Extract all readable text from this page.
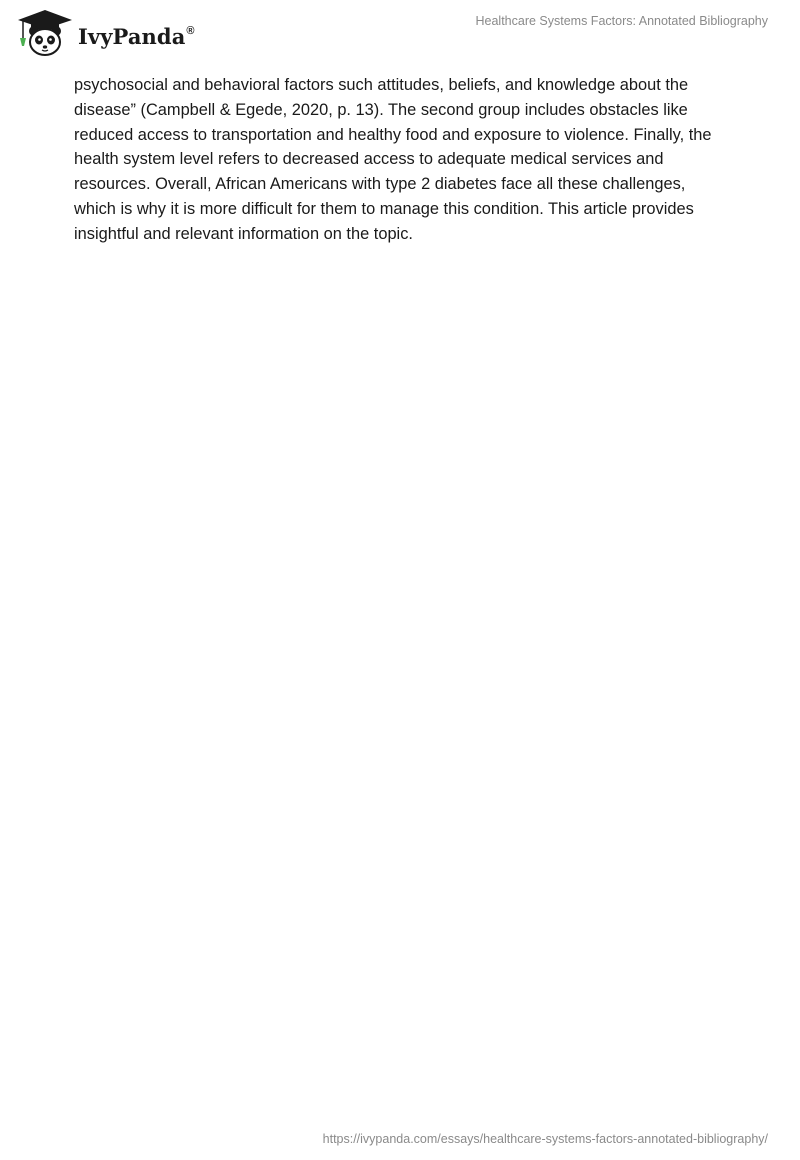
IvyPanda®
Healthcare Systems Factors: Annotated Bibliography

psychosocial and behavioral factors such attitudes, beliefs, and knowledge about the
disease” (Campbell & Egede, 2020, p. 13). The second group includes obstacles like
reduced access to transportation and healthy food and exposure to violence. Finally, the
health system level refers to decreased access to adequate medical services and
resources. Overall, African Americans with type 2 diabetes face all these challenges,
which is why it is more difficult for them to manage this condition. This article provides
insightful and relevant information on the topic.

https://ivypanda.com/essays/healthcare-systems-factors-annotated-bibliography/
